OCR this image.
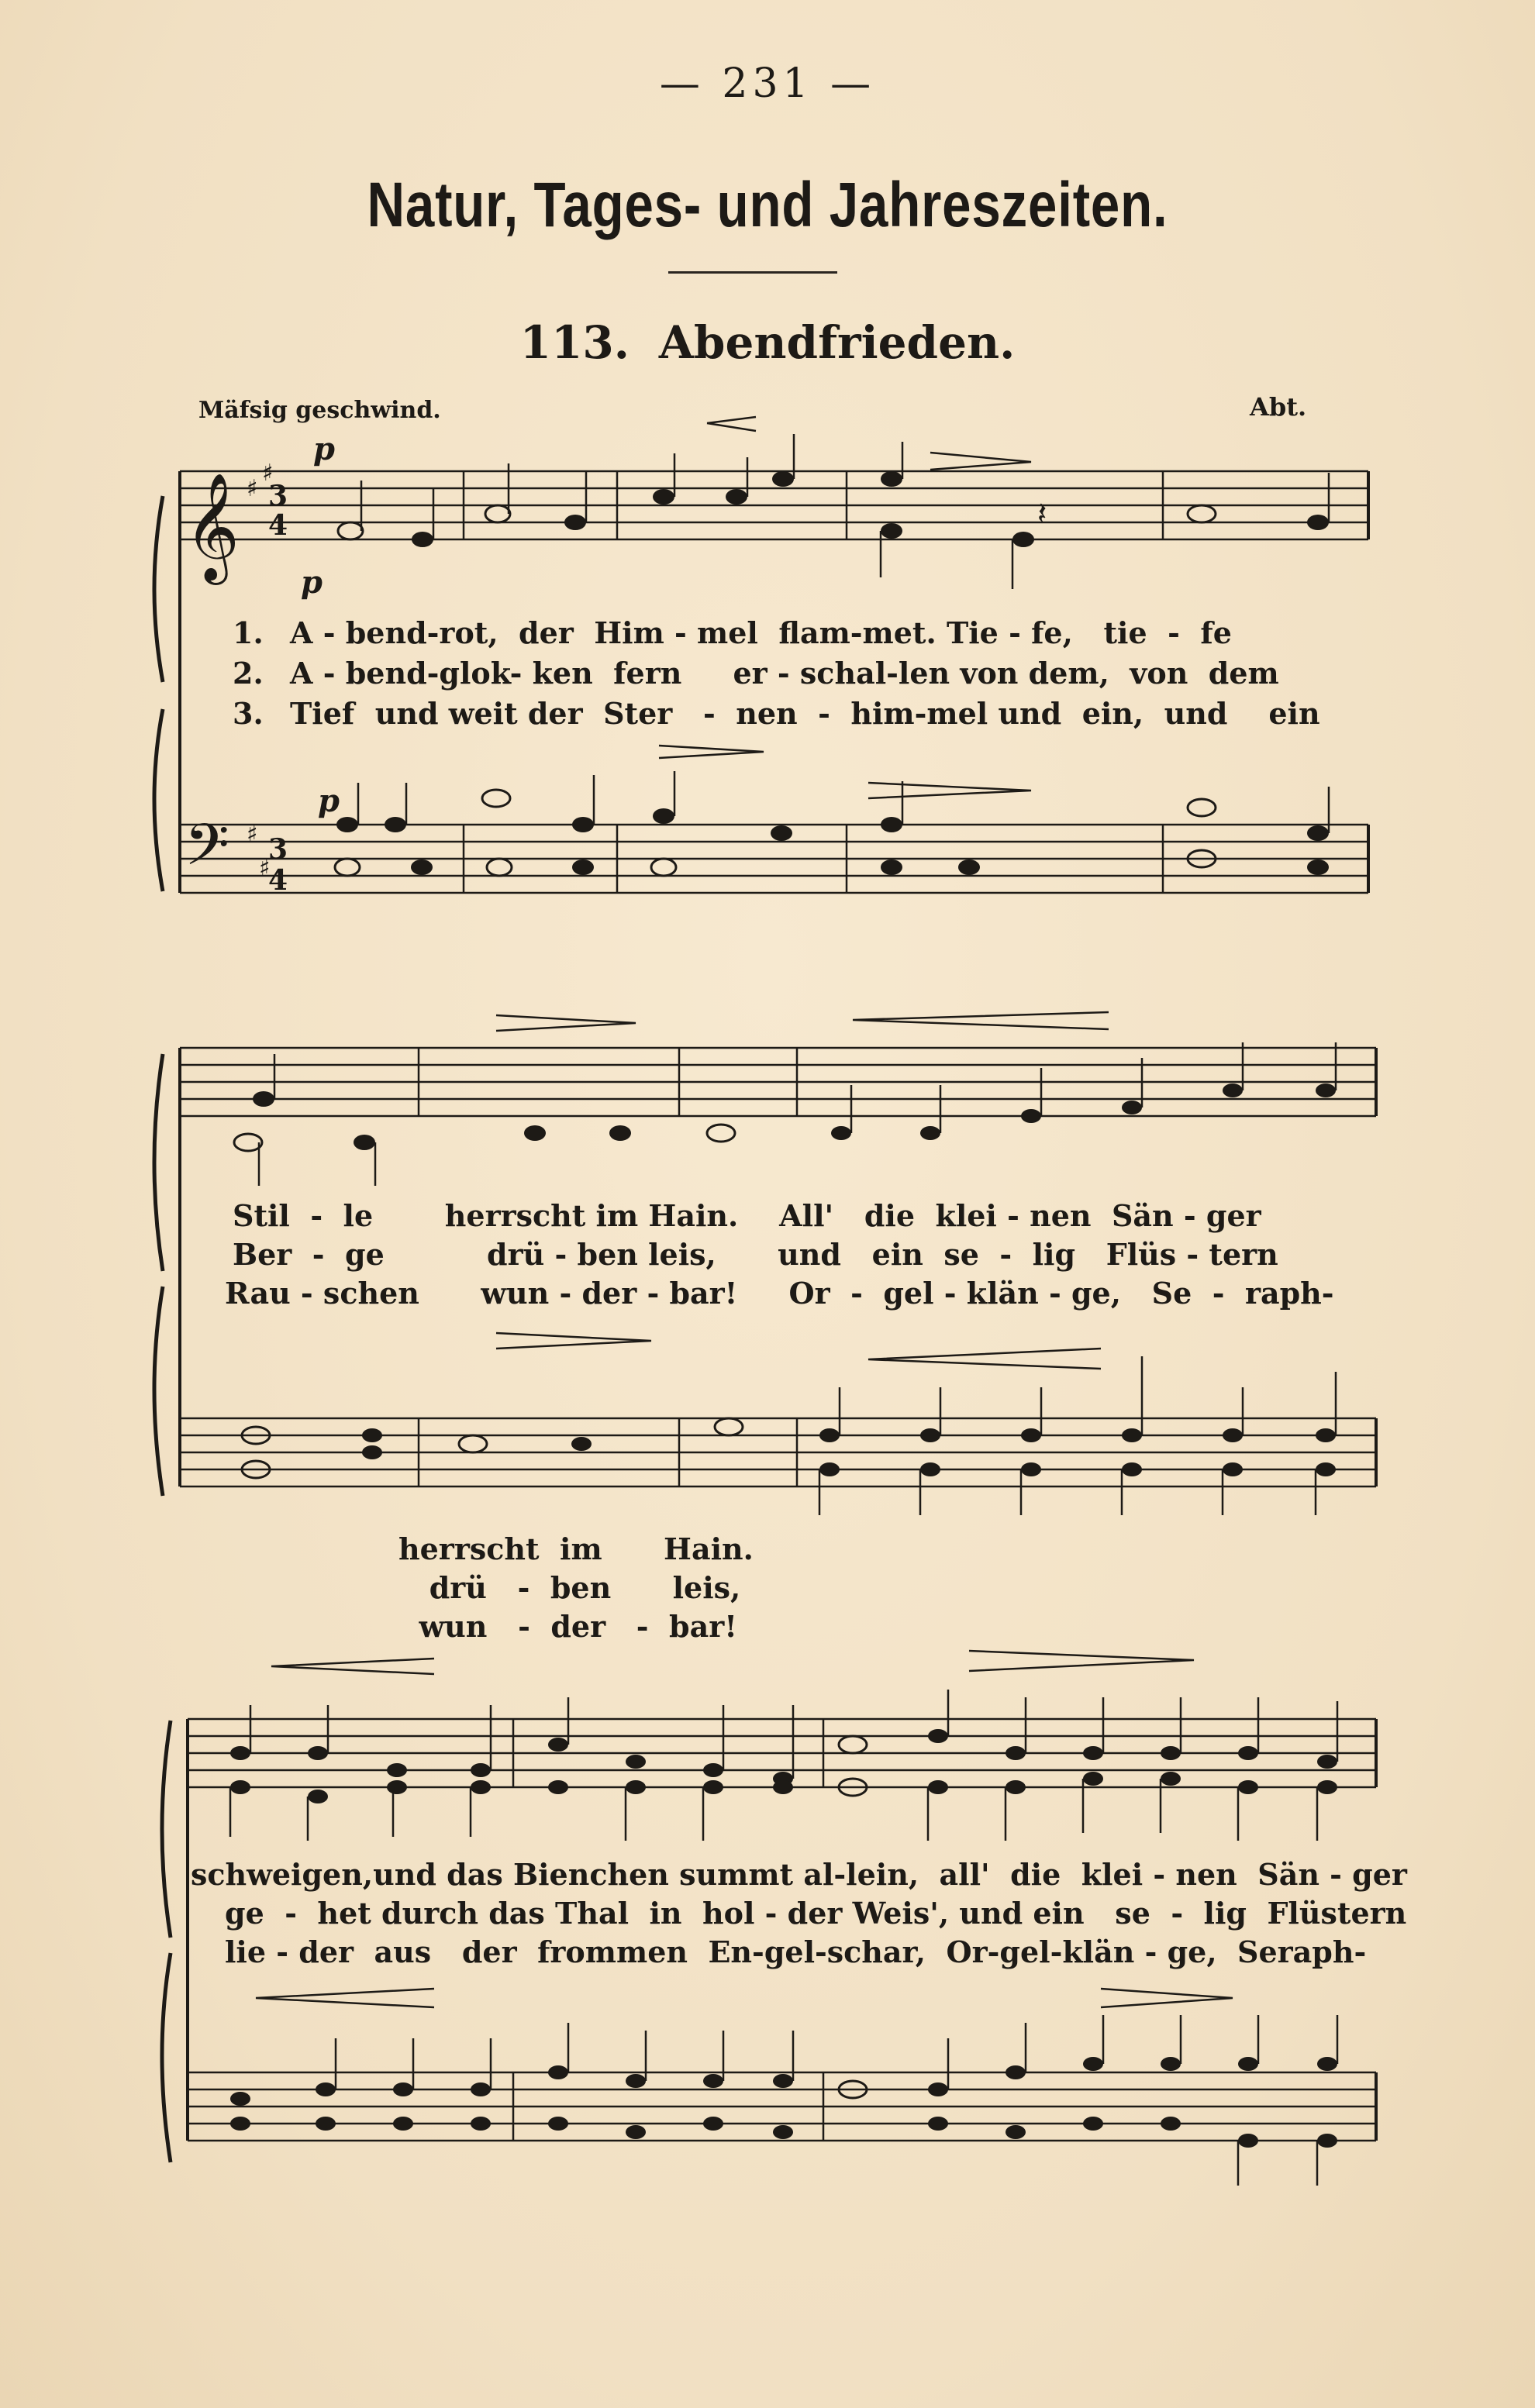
— 231 —
Natur, Tages- und Jahreszeiten.
113. Abendfrieden.
Mäfsig geschwind.	Abt.
𝄞 3
4
♯
♯
𝄢 3
4
♯
♯
𝄽
p
p
p
1. A - bend-rot,  der  Him - mel  flam-met. Tie - fe,   tie  -  fe
2. A - bend-glok- ken  fern     er - schal-len von dem,  von  dem
3. Tief  und weit der  Ster   -  nen  -  him-mel und  ein,  und    ein
Stil  -  le       herrscht im Hain.    All'   die  klei - nen  Sän - ger
Ber  -  ge          drü - ben leis,      und   ein  se  -  lig   Flüs - tern
Rau - schen      wun - der - bar!     Or  -  gel - klän - ge,   Se  -  raph-
herrscht  im      Hain.
drü   -  ben      leis,
wun   -  der   -  bar!
schweigen,und das Bienchen summt al-lein,  all'  die  klei - nen  Sän - ger
ge  -  het durch das Thal  in  hol - der Weis', und ein   se  -  lig  Flüstern
lie - der  aus   der  frommen  En-gel-schar,  Or-gel-klän - ge,  Seraph-
